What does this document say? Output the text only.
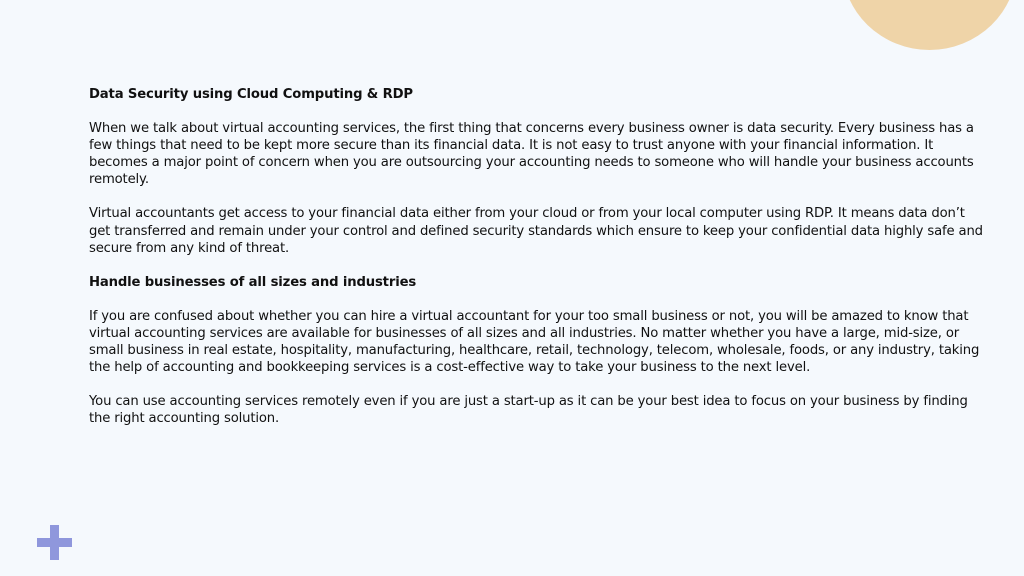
Data Security using Cloud Computing & RDP

When we talk about virtual accounting services, the first thing that concerns every business owner is data security. Every business has a few things that need to be kept more secure than its financial data. It is not easy to trust anyone with your financial information. It becomes a major point of concern when you are outsourcing your accounting needs to someone who will handle your business accounts remotely.

Virtual accountants get access to your financial data either from your cloud or from your local computer using RDP. It means data don’t get transferred and remain under your control and defined security standards which ensure to keep your confidential data highly safe and secure from any kind of threat.

Handle businesses of all sizes and industries

If you are confused about whether you can hire a virtual accountant for your too small business or not, you will be amazed to know that virtual accounting services are available for businesses of all sizes and all industries. No matter whether you have a large, mid-size, or small business in real estate, hospitality, manufacturing, healthcare, retail, technology, telecom, wholesale, foods, or any industry, taking the help of accounting and bookkeeping services is a cost-effective way to take your business to the next level.

You can use accounting services remotely even if you are just a start-up as it can be your best idea to focus on your business by finding the right accounting solution.
